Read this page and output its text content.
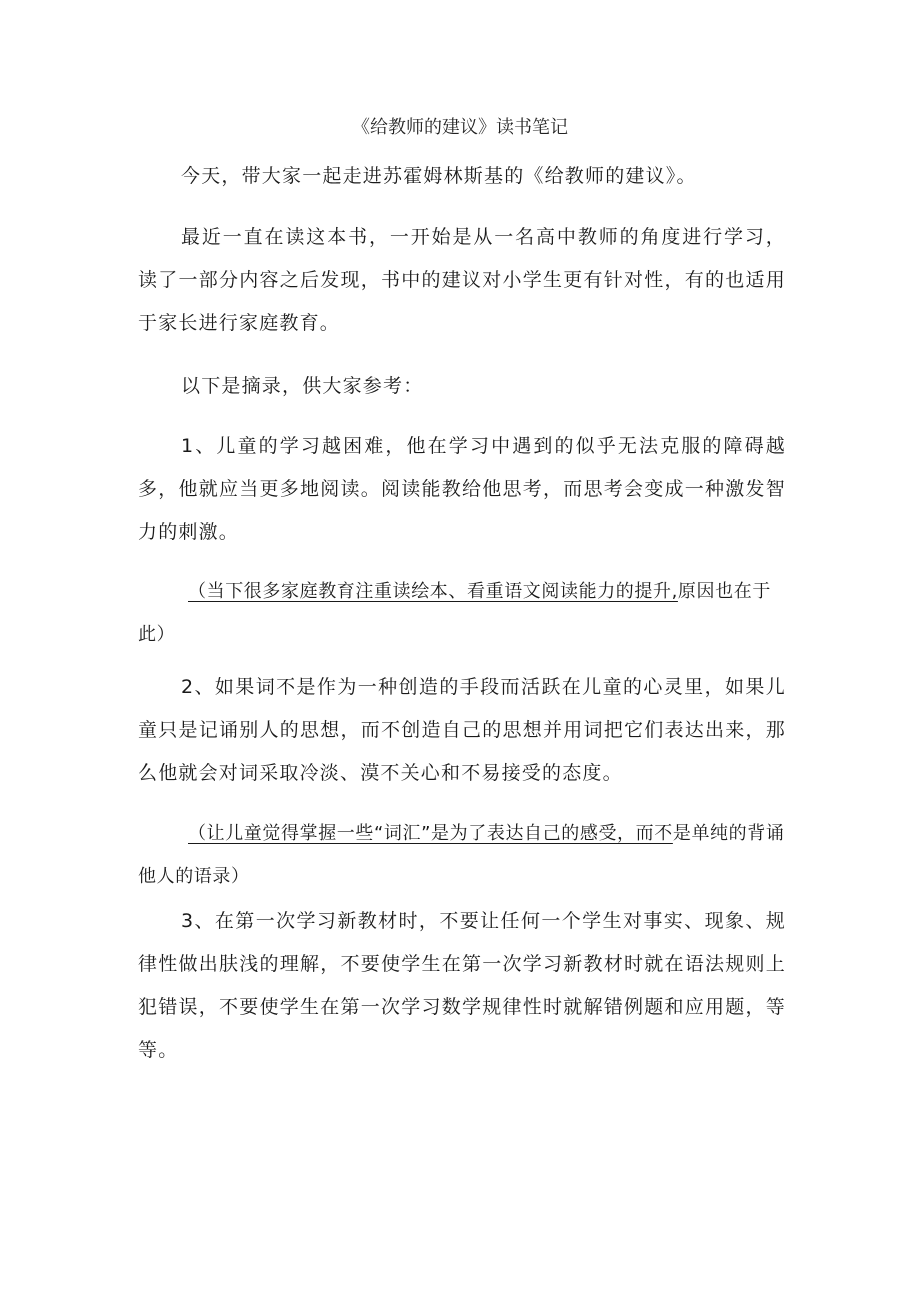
《给教师的建议》读书笔记

今天，带大家一起走进苏霍姆林斯基的《给教师的建议》。

最近一直在读这本书，一开始是从一名高中教师的角度进行学习，读了一部分内容之后发现，书中的建议对小学生更有针对性，有的也适用于家长进行家庭教育。

以下是摘录，供大家参考：

1、儿童的学习越困难，他在学习中遇到的似乎无法克服的障碍越多，他就应当更多地阅读。阅读能教给他思考，而思考会变成一种激发智力的刺激。

（当下很多家庭教育注重读绘本、看重语文阅读能力的提升,原因也在于此）

2、如果词不是作为一种创造的手段而活跃在儿童的心灵里，如果儿童只是记诵别人的思想，而不创造自己的思想并用词把它们表达出来，那么他就会对词采取冷淡、漠不关心和不易接受的态度。

（让儿童觉得掌握一些“词汇”是为了表达自己的感受，而不是单纯的背诵他人的语录）

3、在第一次学习新教材时，不要让任何一个学生对事实、现象、规律性做出肤浅的理解，不要使学生在第一次学习新教材时就在语法规则上犯错误，不要使学生在第一次学习数学规律性时就解错例题和应用题，等等。
